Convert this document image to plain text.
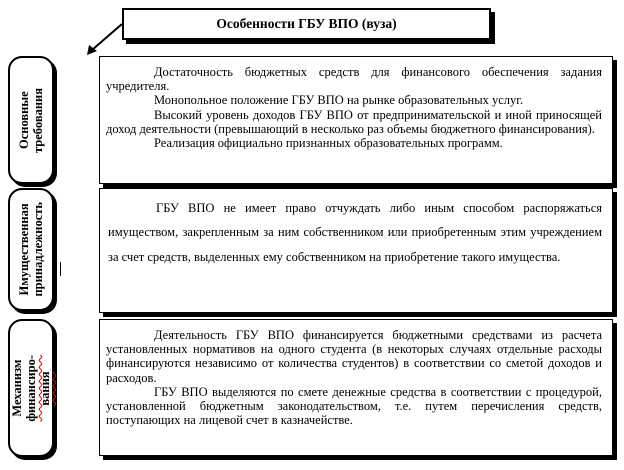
Особенности ГБУ ВПО (вуза)
Основные
требования

Достаточность бюджетных средств для финансового обеспечения задания учредителя.

Монопольное положение ГБУ ВПО на рынке образовательных услуг.

Высокий уровень доходов ГБУ ВПО от предпринимательской и иной приносящей доход деятельности (превышающий в несколько раз объемы бюджетного финансирования).

Реализация официально признанных образовательных программ.

Имущественная
принадлежность	ГБУ ВПО не имеет право отчуждать либо иным способом распоряжаться имуществом, закрепленным за ним собственником или приобретенным этим учреждением за счет средств, выделенных ему собственником на приобретение такого имущества.

Механизм
финансиро-
вания

Деятельность ГБУ ВПО финансируется бюджетными средствами из расчета установленных нормативов на одного студента (в некоторых случаях отдельные расходы финансируются независимо от количества студентов) в соответствии со сметой доходов и расходов.

ГБУ ВПО выделяются по смете денежные средства в соответствии с процедурой, установленной бюджетным законодательством, т.е. путем перечисления средств, поступающих на лицевой счет в казначействе.
